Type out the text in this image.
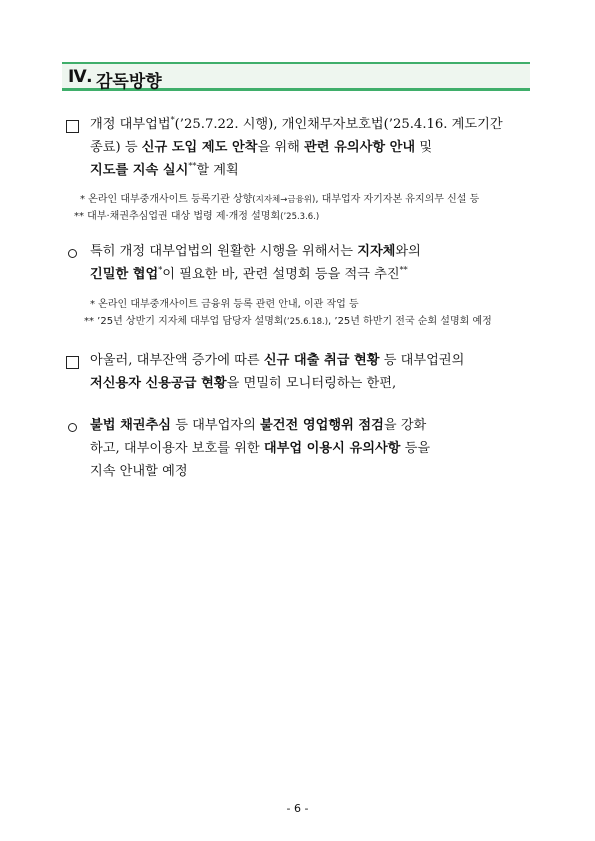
Ⅳ. 감독방향
개정 대부업법*(’25.7.22. 시행), 개인채무자보호법(’25.4.16. 계도기간
종료) 등 신규 도입 제도 안착을 위해 관련 유의사항 안내 및
지도를 지속 실시**할 계획
* 온라인 대부중개사이트 등록기관 상향(지자체→금융위), 대부업자 자기자본 유지의무 신설 등
** 대부·채권추심업권 대상 법령 제·개정 설명회(’25.3.6.)
특히 개정 대부업법의 원활한 시행을 위해서는 지자체와의
긴밀한 협업*이 필요한 바, 관련 설명회 등을 적극 추진**
* 온라인 대부중개사이트 금융위 등록 관련 안내, 이관 작업 등
** ’25년 상반기 지자체 대부업 담당자 설명회(’25.6.18.), ’25년 하반기 전국 순회 설명회 예정
아울러, 대부잔액 증가에 따른 신규 대출 취급 현황 등 대부업권의
저신용자 신용공급 현황을 면밀히 모니터링하는 한편,
불법 채권추심 등 대부업자의 불건전 영업행위 점검을 강화
하고, 대부이용자 보호를 위한 대부업 이용시 유의사항 등을
지속 안내할 예정
- 6 -
